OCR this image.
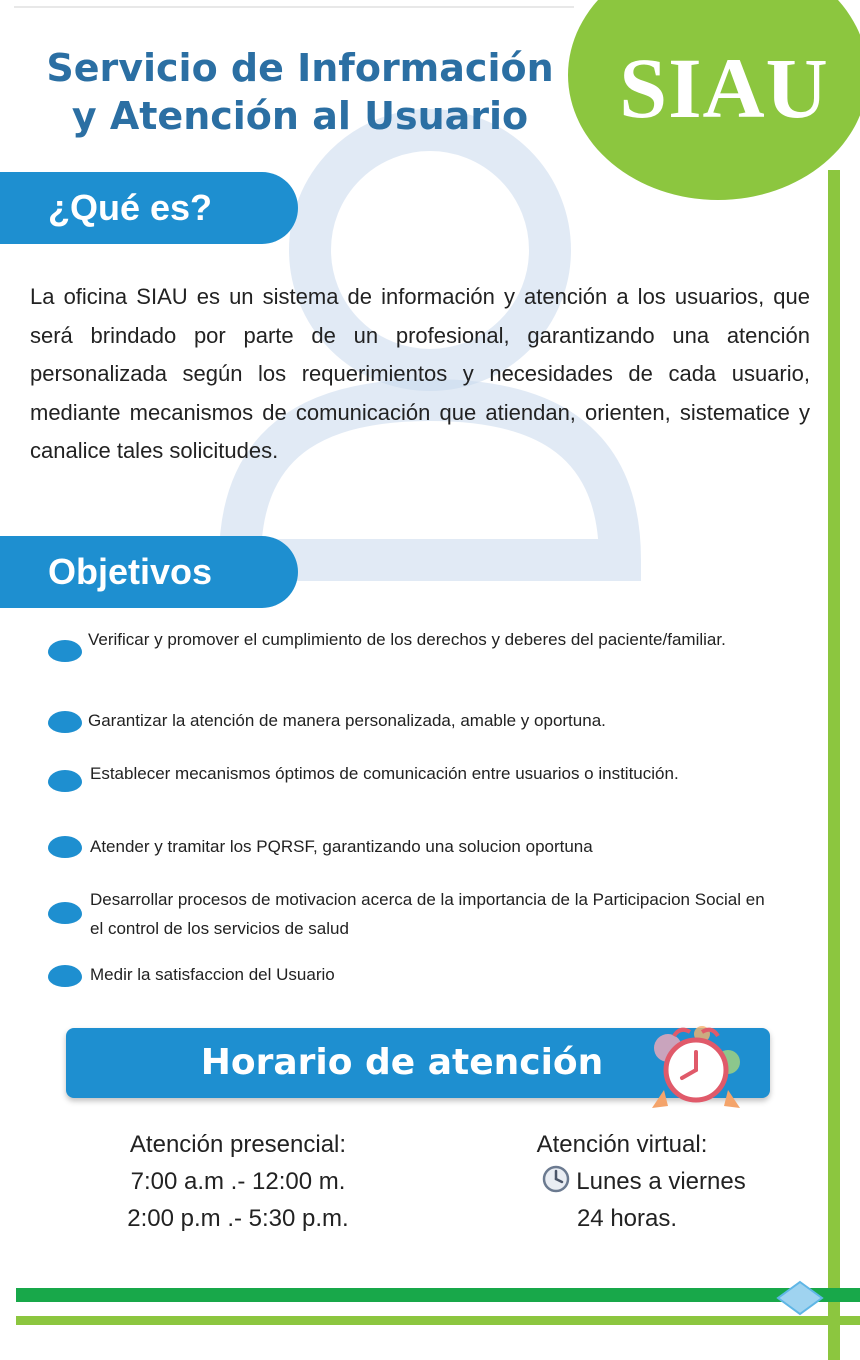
Servicio de Información
y Atención al Usuario	SIAU
¿Qué es?
La oficina SIAU es un sistema de información y atención a los usuarios, que será brindado por parte de un profesional, garantizando una atención personalizada según los requerimientos y necesidades de cada usuario, mediante mecanismos de comunicación que atiendan, orienten, sistematice y canalice tales solicitudes.
Objetivos
Verificar y promover el cumplimiento de los derechos y deberes del paciente/familiar.
Garantizar la atención de manera personalizada, amable y oportuna.
Establecer mecanismos óptimos de comunicación entre usuarios o institución.
Atender y tramitar los PQRSF, garantizando una solucion oportuna
Desarrollar procesos de motivacion acerca de la importancia de la Participacion Social en el control de los servicios de salud
Medir la satisfaccion del Usuario
Horario de atención
Atención presencial:
7:00 a.m .- 12:00 m.
2:00 p.m .- 5:30 p.m.
Atención virtual:
Lunes a viernes
24 horas.
